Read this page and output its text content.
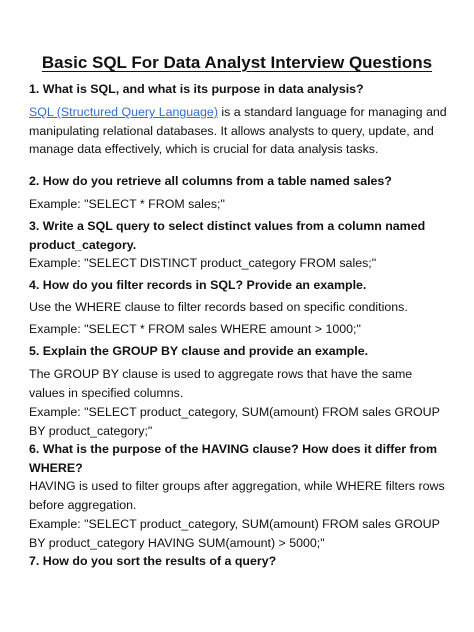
Basic SQL For Data Analyst Interview Questions

1. What is SQL, and what is its purpose in data analysis?

SQL (Structured Query Language) is a standard language for managing and manipulating relational databases. It allows analysts to query, update, and manage data effectively, which is crucial for data analysis tasks.

2. How do you retrieve all columns from a table named sales?

Example: "SELECT * FROM sales;"

3. Write a SQL query to select distinct values from a column named product_category.

Example: "SELECT DISTINCT product_category FROM sales;"

4. How do you filter records in SQL? Provide an example.

Use the WHERE clause to filter records based on specific conditions.

Example: "SELECT * FROM sales WHERE amount > 1000;"

5. Explain the GROUP BY clause and provide an example.

The GROUP BY clause is used to aggregate rows that have the same values in specified columns.

Example: "SELECT product_category, SUM(amount) FROM sales GROUP BY product_category;"

6. What is the purpose of the HAVING clause? How does it differ from WHERE?

HAVING is used to filter groups after aggregation, while WHERE filters rows before aggregation.

Example: "SELECT product_category, SUM(amount) FROM sales GROUP BY product_category HAVING SUM(amount) > 5000;"

7. How do you sort the results of a query?
